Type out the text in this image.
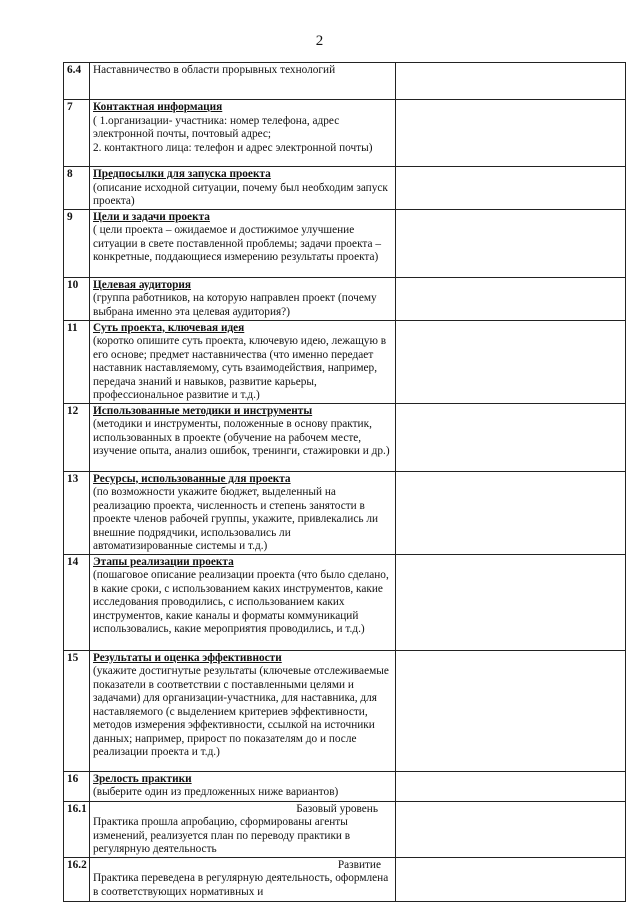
2
6.4	Наставничество в области прорывных технологий	

7	Контактная информация
( 1.организации- участника: номер телефона, адрес электронной почты, почтовый адрес;
2. контактного лица: телефон и адрес электронной почты)	

8	Предпосылки для запуска проекта
(описание исходной ситуации, почему был необходим запуск проекта)	

9	Цели и задачи проекта
( цели проекта – ожидаемое и достижимое улучшение ситуации в свете поставленной проблемы; задачи проекта – конкретные, поддающиеся измерению результаты проекта)	

10	Целевая аудитория
(группа работников, на которую направлен проект (почему выбрана именно эта целевая аудитория?)	

11	Суть проекта, ключевая идея
(коротко опишите суть проекта, ключевую идею, лежащую в его основе; предмет наставничества (что именно передает наставник наставляемому, суть взаимодействия, например, передача знаний и навыков, развитие карьеры, профессиональное развитие и т.д.)	

12	Использованные методики и инструменты
(методики и инструменты, положенные в основу практик, использованных в проекте (обучение на рабочем месте, изучение опыта, анализ ошибок, тренинги, стажировки и др.)	

13	Ресурсы, использованные для проекта
(по возможности укажите бюджет, выделенный на реализацию проекта, численность и степень занятости в проекте членов рабочей группы, укажите, привлекались ли внешние подрядчики, использовались ли автоматизированные системы и т.д.)	

14	Этапы реализации проекта
(пошаговое описание реализации проекта (что было сделано, в какие сроки, с использованием каких инструментов, какие исследования проводились, с использованием каких инструментов, какие каналы и форматы коммуникаций использовались, какие мероприятия проводились, и т.д.)	

15	Результаты и оценка эффективности
(укажите достигнутые результаты (ключевые отслеживаемые показатели в соответствии с поставленными целями и задачами) для организации-участника, для наставника, для наставляемого (с выделением критериев эффективности, методов измерения эффективности, ссылкой на источники данных; например, прирост по показателям до и после реализации проекта и т.д.)	

16	Зрелость практики
(выберите один из предложенных ниже вариантов)	

16.1	Базовый уровень
Практика прошла апробацию, сформированы агенты изменений, реализуется план по переводу практики в регулярную деятельность	

16.2	Развитие
Практика переведена в регулярную деятельность, оформлена в соответствующих нормативных и	
